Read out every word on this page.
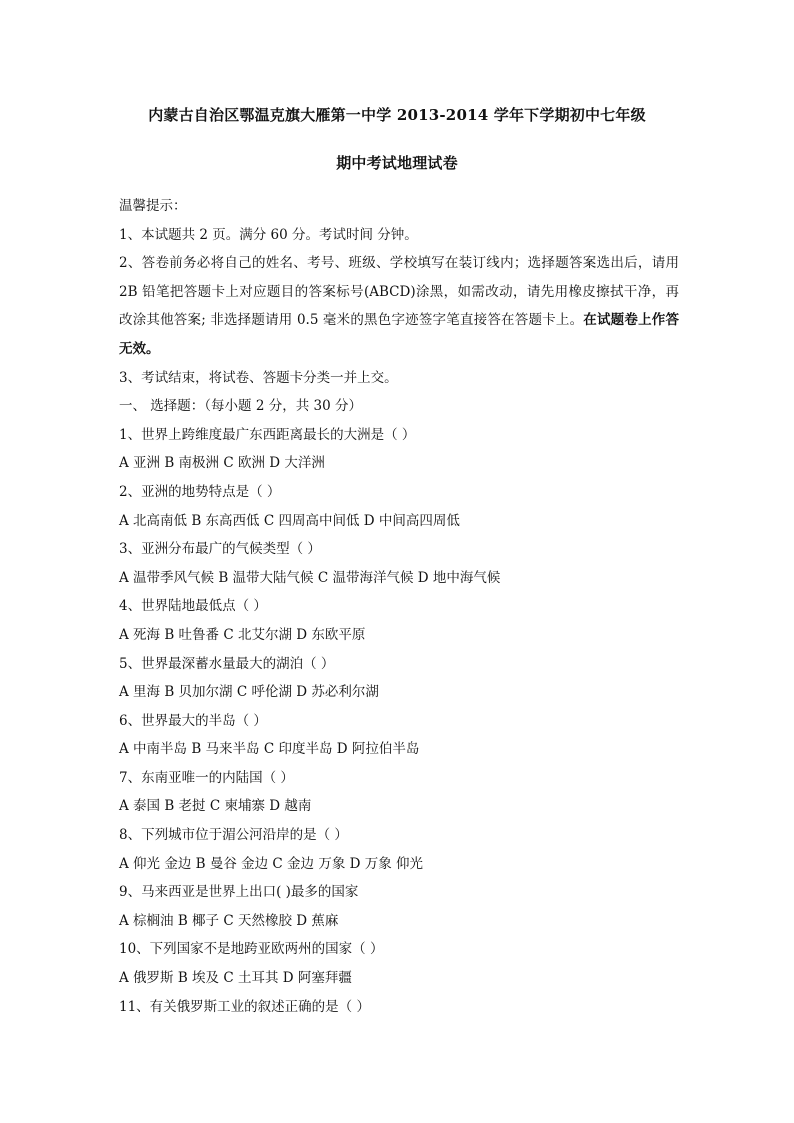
内蒙古自治区鄂温克旗大雁第一中学 2013-2014 学年下学期初中七年级
期中考试地理试卷
温馨提示：
1、本试题共 2 页。满分 60 分。考试时间 分钟。
2、答卷前务必将自己的姓名、考号、班级、学校填写在装订线内；选择题答案选出后，请用 2B 铅笔把答题卡上对应题目的答案标号(ABCD)涂黑，如需改动，请先用橡皮擦拭干净，再改涂其他答案; 非选择题请用 0.5 毫米的黑色字迹签字笔直接答在答题卡上。在试题卷上作答无效。
3、考试结束，将试卷、答题卡分类一并上交。
一、 选择题：（每小题 2 分，共 30 分）
1、世界上跨维度最广东西距离最长的大洲是（ ）
A 亚洲 B 南极洲 C 欧洲 D 大洋洲
2、亚洲的地势特点是（ ）
A 北高南低 B 东高西低 C 四周高中间低 D 中间高四周低
3、亚洲分布最广的气候类型（ ）
A 温带季风气候 B 温带大陆气候 C 温带海洋气候 D 地中海气候
4、世界陆地最低点（ ）
A 死海 B 吐鲁番 C 北艾尔湖 D 东欧平原
5、世界最深蓄水量最大的湖泊（ ）
A 里海 B 贝加尔湖 C 呼伦湖 D 苏必利尔湖
6、世界最大的半岛（ ）
A 中南半岛 B 马来半岛 C 印度半岛 D 阿拉伯半岛
7、东南亚唯一的内陆国（ ）
A 泰国 B 老挝 C 柬埔寨 D 越南
8、下列城市位于湄公河沿岸的是（ ）
A 仰光 金边 B 曼谷 金边 C 金边 万象 D 万象 仰光
9、马来西亚是世界上出口( )最多的国家
A 棕榈油 B 椰子 C 天然橡胶 D 蕉麻
10、下列国家不是地跨亚欧两州的国家（ ）
A 俄罗斯 B 埃及 C 土耳其 D 阿塞拜疆
11、有关俄罗斯工业的叙述正确的是（ ）
